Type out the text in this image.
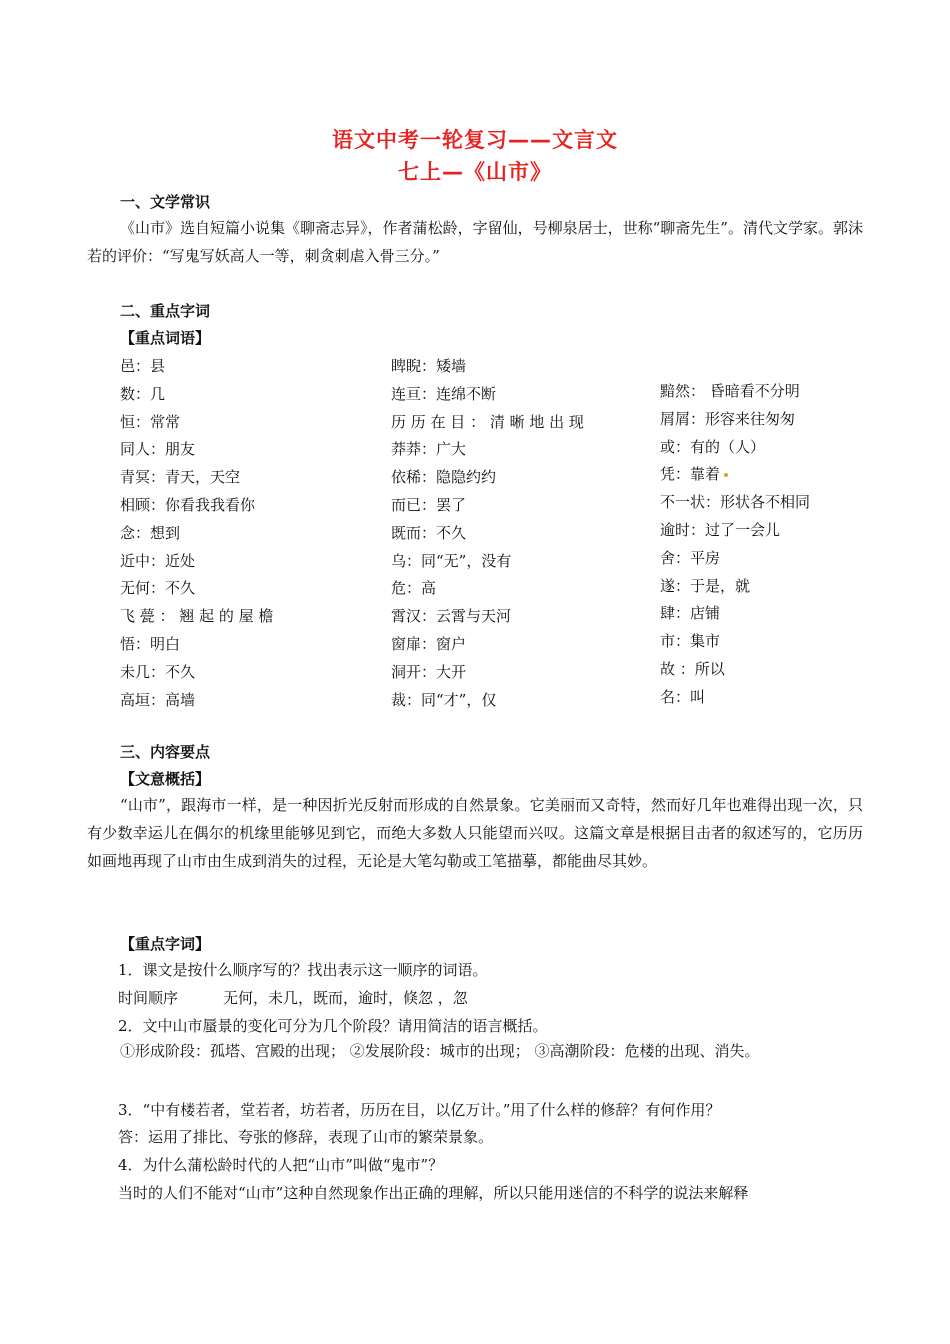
语文中考一轮复习——文言文
七上—《山市》
一、文学常识

《山市》选自短篇小说集《聊斋志异》，作者蒲松龄，字留仙，号柳泉居士，世称“聊斋先生”。清代文学家。郭沫若的评价：“写鬼写妖高人一等，刺贪刺虐入骨三分。”

二、重点字词
【重点词语】
邑：县
数：几
恒：常常
同人：朋友
青冥：青天，天空
相顾：你看我我看你
念：想到
近中：近处
无何：不久
飞 甍 ： 翘 起 的 屋 檐
悟：明白
未几：不久
高垣：高墙
睥睨：矮墙
连亘：连绵不断
历 历 在 目 ： 清 晰 地 出 现
莽莽：广大
依稀：隐隐约约
而已：罢了
既而：不久
乌：同“无”，没有
危：高
霄汉：云霄与天河
窗扉：窗户
洞开：大开
裁：同“才”，仅
黯然： 昏暗看不分明
屑屑：形容来往匆匆
或：有的（人）
凭：靠着
不一状：形状各不相同
逾时：过了一会儿
舍：平房
遂：于是，就
肆：店铺
市：集市
故 ：所以
名：叫
三、内容要点
【文意概括】

“山市”，跟海市一样，是一种因折光反射而形成的自然景象。它美丽而又奇特，然而好几年也难得出现一次，只有少数幸运儿在偶尔的机缘里能够见到它，而绝大多数人只能望而兴叹。这篇文章是根据目击者的叙述写的，它历历如画地再现了山市由生成到消失的过程，无论是大笔勾勒或工笔描摹，都能曲尽其妙。

【重点字词】
1．课文是按什么顺序写的？找出表示这一顺序的词语。
时间顺序	无何，未几，既而，逾时，倏忽 ，忽
2．文中山市蜃景的变化可分为几个阶段？请用简洁的语言概括。

①形成阶段：孤塔、宫殿的出现； ②发展阶段：城市的出现； ③高潮阶段：危楼的出现、消失。

3．“中有楼若者，堂若者，坊若者，历历在目，以亿万计。”用了什么样的修辞？有何作用？
答：运用了排比、夸张的修辞，表现了山市的繁荣景象。
4．为什么蒲松龄时代的人把“山市”叫做“鬼市”？
当时的人们不能对“山市”这种自然现象作出正确的理解，所以只能用迷信的不科学的说法来解释
